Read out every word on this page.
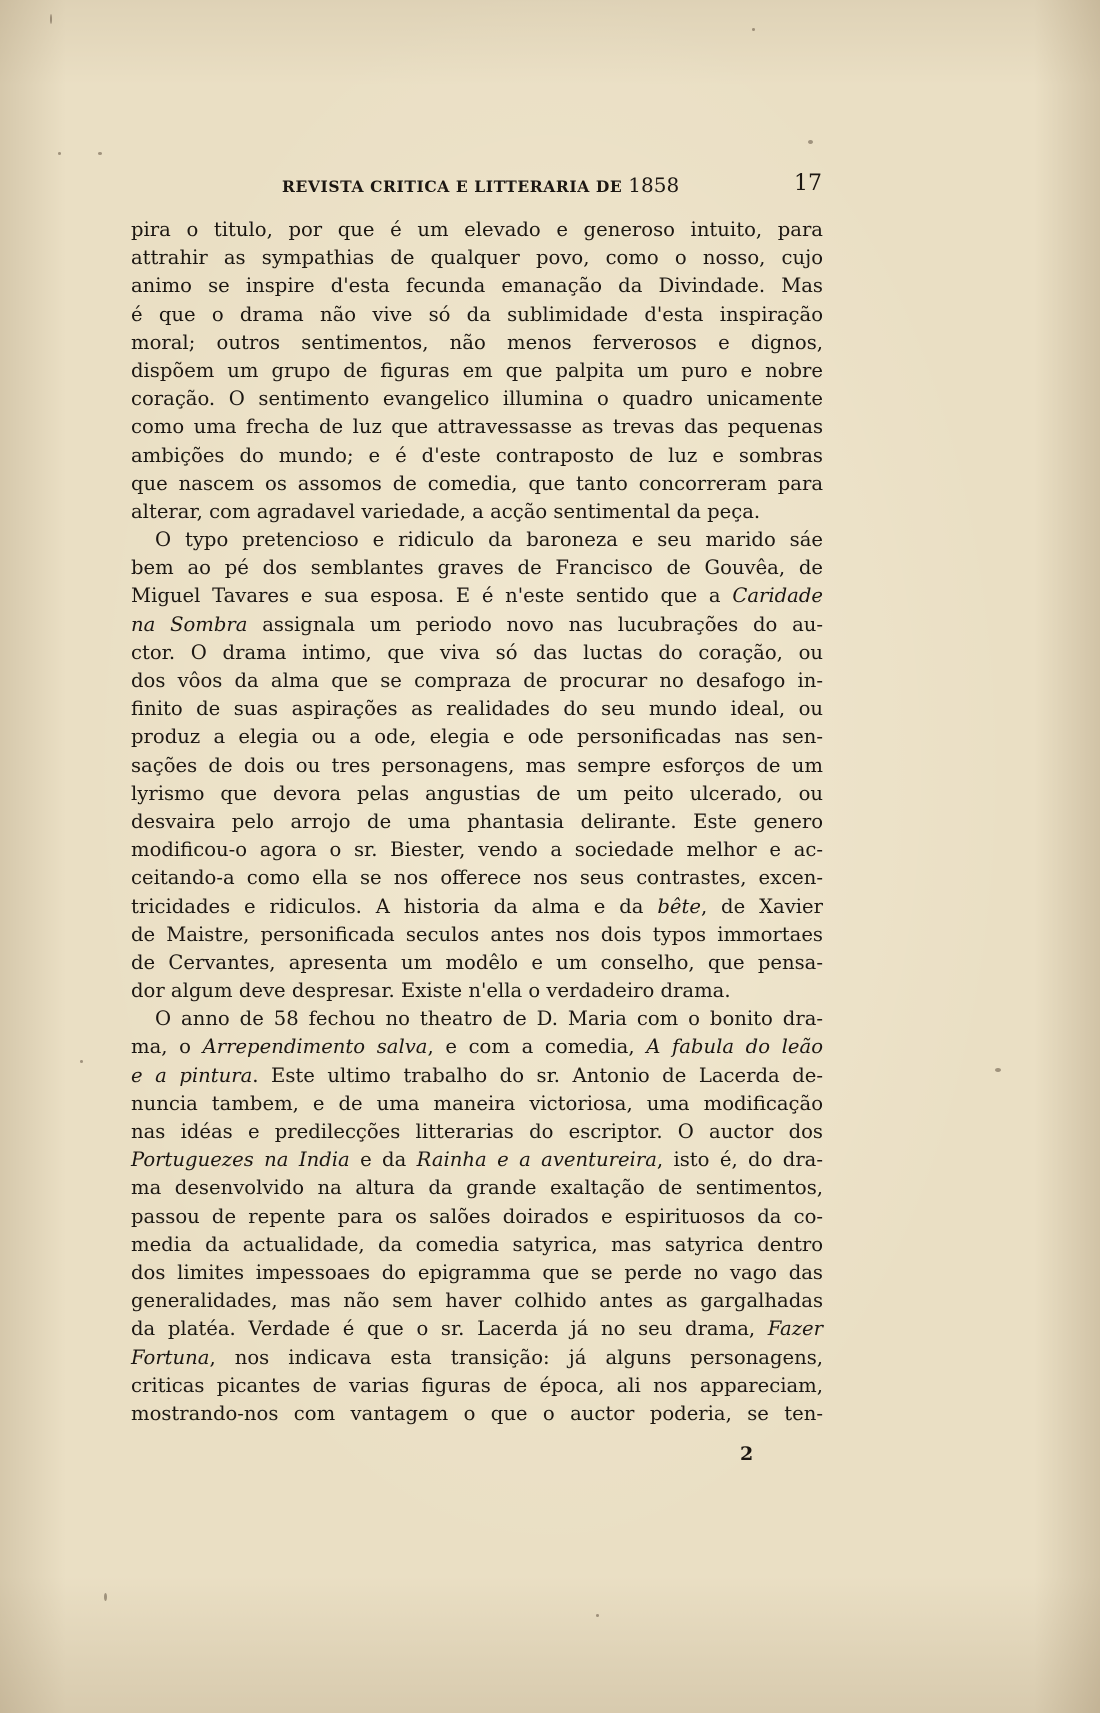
REVISTA CRITICA E LITTERARIA DE 1858	17
pira o titulo, por que é um elevado e generoso intuito, para
attrahir as sympathias de qualquer povo, como o nosso, cujo
animo se inspire d'esta fecunda emanação da Divindade. Mas
é que o drama não vive só da sublimidade d'esta inspiração
moral; outros sentimentos, não menos ferverosos e dignos,
dispõem um grupo de figuras em que palpita um puro e nobre
coração. O sentimento evangelico illumina o quadro unicamente
como uma frecha de luz que attravessasse as trevas das pequenas
ambições do mundo; e é d'este contraposto de luz e sombras
que nascem os assomos de comedia, que tanto concorreram para
alterar, com agradavel variedade, a acção sentimental da peça.
O typo pretencioso e ridiculo da baroneza e seu marido sáe
bem ao pé dos semblantes graves de Francisco de Gouvêa, de
Miguel Tavares e sua esposa. E é n'este sentido que a Caridade
na Sombra assignala um periodo novo nas lucubrações do au-
ctor. O drama intimo, que viva só das luctas do coração, ou
dos vôos da alma que se compraza de procurar no desafogo in-
finito de suas aspirações as realidades do seu mundo ideal, ou
produz a elegia ou a ode, elegia e ode personificadas nas sen-
sações de dois ou tres personagens, mas sempre esforços de um
lyrismo que devora pelas angustias de um peito ulcerado, ou
desvaira pelo arrojo de uma phantasia delirante. Este genero
modificou-o agora o sr. Biester, vendo a sociedade melhor e ac-
ceitando-a como ella se nos offerece nos seus contrastes, excen-
tricidades e ridiculos. A historia da alma e da bête, de Xavier
de Maistre, personificada seculos antes nos dois typos immortaes
de Cervantes, apresenta um modêlo e um conselho, que pensa-
dor algum deve despresar. Existe n'ella o verdadeiro drama.
O anno de 58 fechou no theatro de D. Maria com o bonito dra-
ma, o Arrependimento salva, e com a comedia, A fabula do leão
e a pintura. Este ultimo trabalho do sr. Antonio de Lacerda de-
nuncia tambem, e de uma maneira victoriosa, uma modificação
nas idéas e predilecções litterarias do escriptor. O auctor dos
Portuguezes na India e da Rainha e a aventureira, isto é, do dra-
ma desenvolvido na altura da grande exaltação de sentimentos,
passou de repente para os salões doirados e espirituosos da co-
media da actualidade, da comedia satyrica, mas satyrica dentro
dos limites impessoaes do epigramma que se perde no vago das
generalidades, mas não sem haver colhido antes as gargalhadas
da platéa. Verdade é que o sr. Lacerda já no seu drama, Fazer
Fortuna, nos indicava esta transição: já alguns personagens,
criticas picantes de varias figuras de época, ali nos appareciam,
mostrando-nos com vantagem o que o auctor poderia, se ten-
2
